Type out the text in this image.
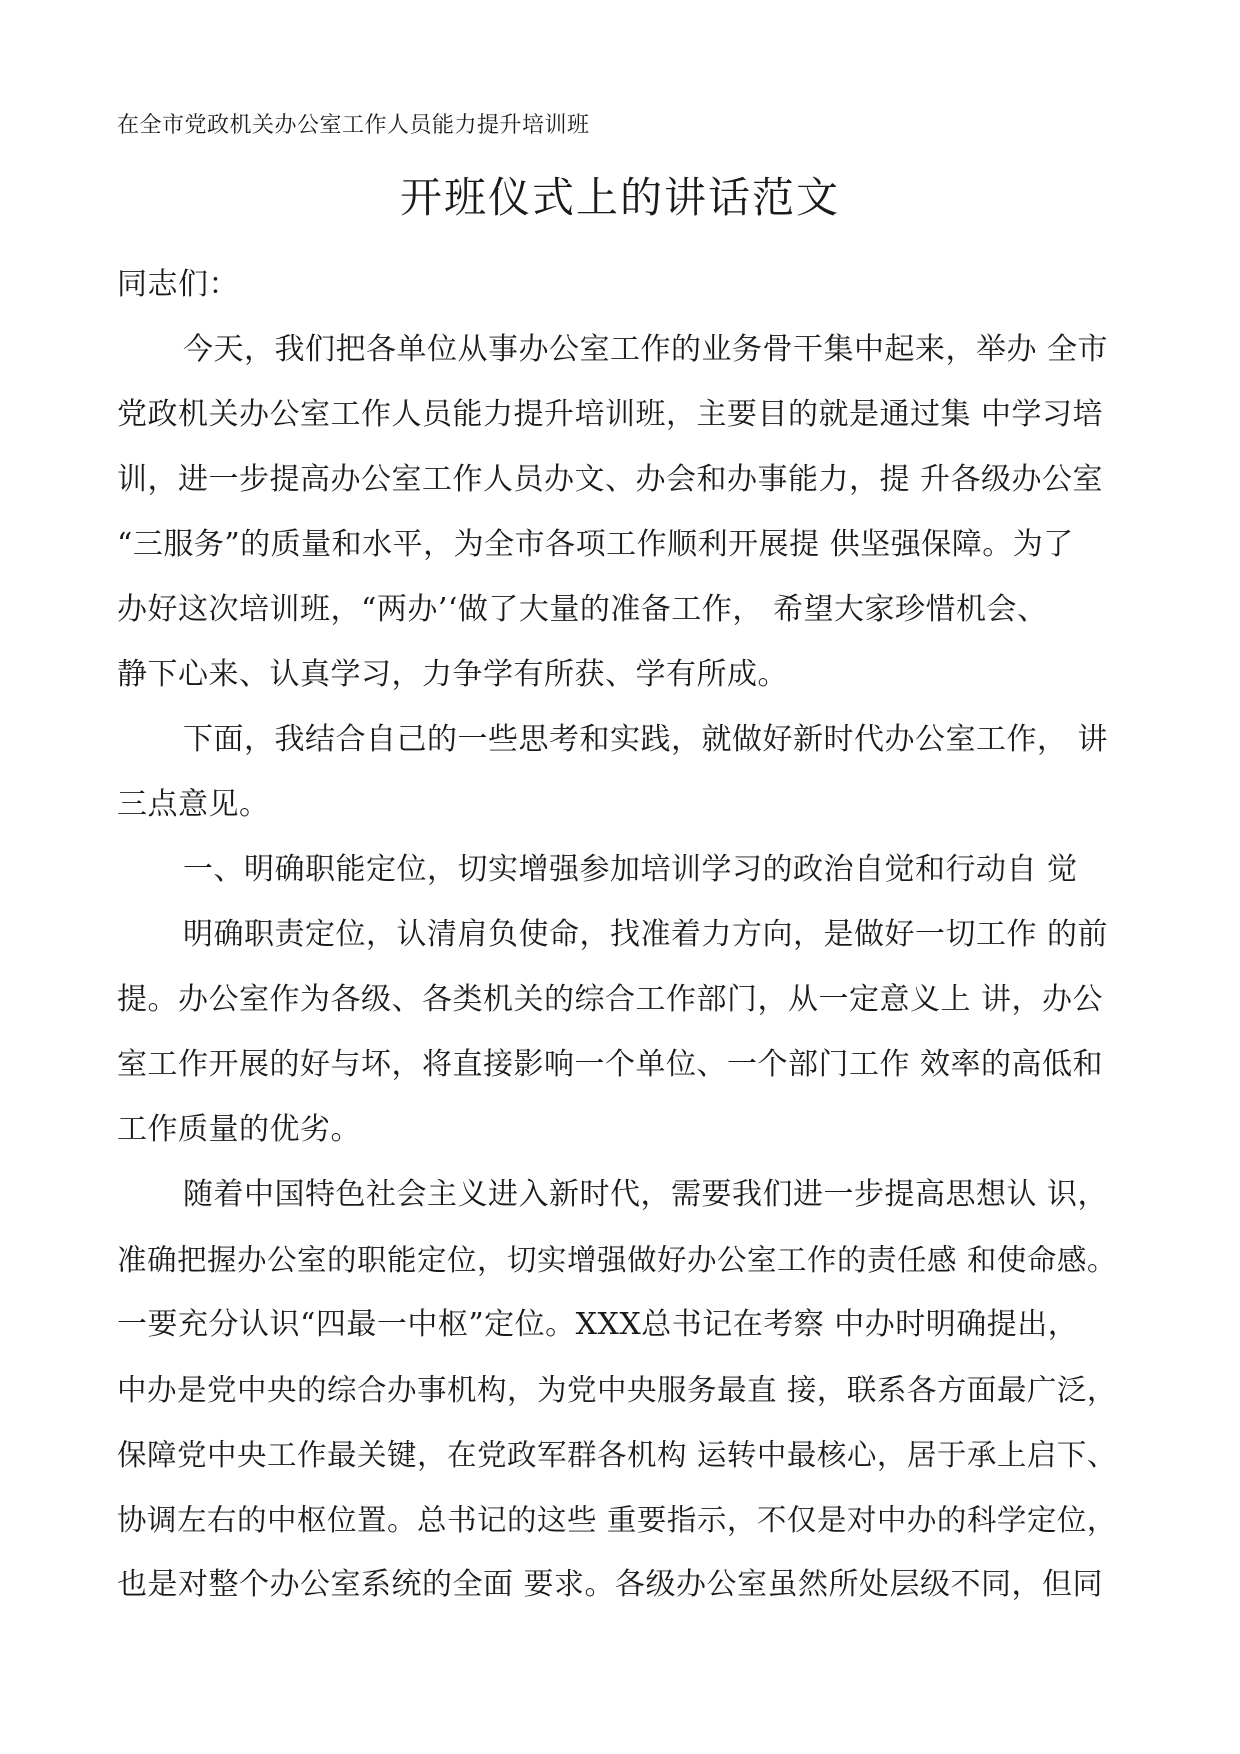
在全市党政机关办公室工作人员能力提升培训班
开班仪式上的讲话范文
同志们：
今天，我们把各单位从事办公室工作的业务骨干集中起来，举办 全市
党政机关办公室工作人员能力提升培训班，主要目的就是通过集 中学习培
训，进一步提高办公室工作人员办文、办会和办事能力，提 升各级办公室
“三服务”的质量和水平，为全市各项工作顺利开展提 供坚强保障。为了
办好这次培训班，“两办’‘做了大量的准备工作， 希望大家珍惜机会、
静下心来、认真学习，力争学有所获、学有所成。
下面，我结合自己的一些思考和实践，就做好新时代办公室工作， 讲
三点意见。
一、明确职能定位，切实增强参加培训学习的政治自觉和行动自 觉
明确职责定位，认清肩负使命，找准着力方向，是做好一切工作 的前
提。办公室作为各级、各类机关的综合工作部门，从一定意义上 讲，办公
室工作开展的好与坏，将直接影响一个单位、一个部门工作 效率的高低和
工作质量的优劣。
随着中国特色社会主义进入新时代，需要我们进一步提高思想认 识，
准确把握办公室的职能定位，切实增强做好办公室工作的责任感 和使命感。
一要充分认识“四最一中枢”定位。XXX总书记在考察 中办时明确提出，
中办是党中央的综合办事机构，为党中央服务最直 接，联系各方面最广泛，
保障党中央工作最关键，在党政军群各机构 运转中最核心，居于承上启下、
协调左右的中枢位置。总书记的这些 重要指示，不仅是对中办的科学定位，
也是对整个办公室系统的全面 要求。各级办公室虽然所处层级不同，但同
